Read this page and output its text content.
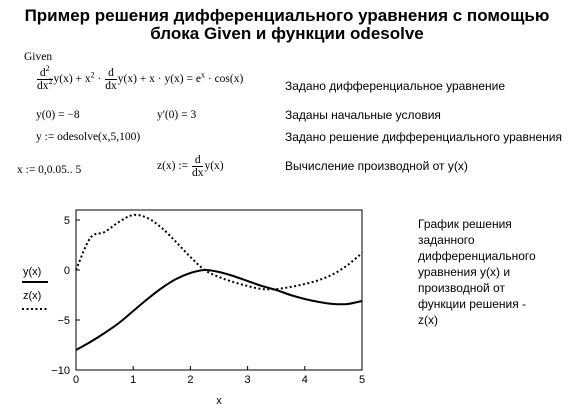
Пример решения дифференциального уравнения с помощью
блока Given и функции odesolve
Given
$\frac{d^2}{dx^2} y(x) + x^2 \cdot \frac{d}{dx} y(x) + x \cdot y(x) = e^x \cdot \cos(x)$	Задано дифференциальное уравнение
y(0) = −8	y'(0) = 3	Заданы начальные условия
y := odesolve(x,5,100)	Задано решение дифференциального уравнения
x := 0,0.05.. 5	z(x) := $\frac{d}{dx} y(x)$	Вычисление производной от y(x)
0	1	2	3	4	5
5
0
−5
−10
y(x)
z(x)
x
График решения
заданного
дифференциального
уравнения y(x) и
производной от
функции решения -
z(x)
